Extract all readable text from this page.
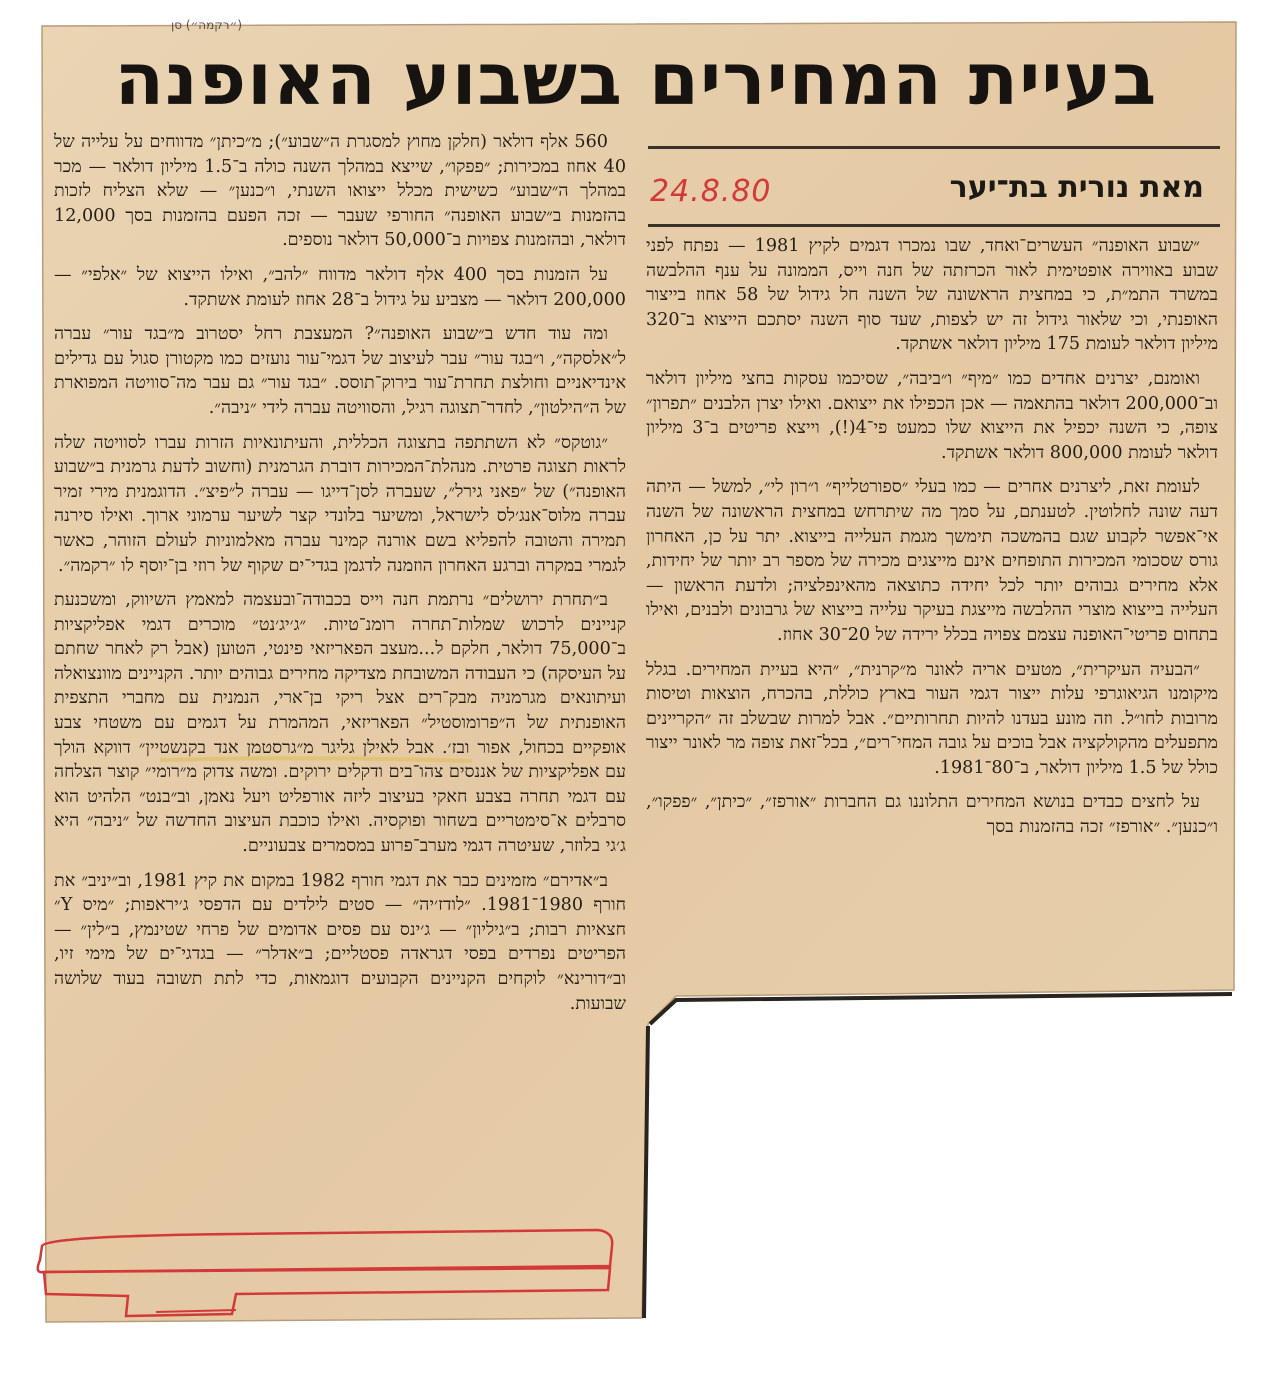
(״רקמה״) סן
בעיית המחירים בשבוע האופנה
מאת נורית בת־יער
24.8.80

״שבוע האופנה״ העשרים־ואחד, שבו נמכרו דגמים לקיץ 1981 — נפתח לפני שבוע באווירה אופטימית לאור הכרזתה של חנה וייס, הממונה על ענף ההלבשה במשרד התמ״ת, כי במחצית הראשונה של השנה חל גידול של 58 אחוז בייצור האופנתי, וכי שלאור גידול זה יש לצפות, שעד סוף השנה יסתכם הייצוא ב־320 מיליון דולאר לעומת 175 מיליון דולאר אשתקד.

ואומנם, יצרנים אחדים כמו ״מיף״ ו״ביבה״, שסיכמו עסקות בחצי מיליון דולאר וב־200,000 דולאר בהתאמה — אכן הכפילו את ייצואם. ואילו יצרן הלבנים ״תפרון״ צופה, כי השנה יכפיל את הייצוא שלו כמעט פי־4(!), וייצא פריטים ב־3 מיליון דולאר לעומת 800,000 דולאר אשתקד.

לעומת זאת, ליצרנים אחרים — כמו בעלי ״ספורטלייף״ ו״רון לי״, למשל — היתה דעה שונה לחלוטין. לטענתם, על סמך מה שיתרחש במחצית הראשונה של השנה אי־אפשר לקבוע שגם בהמשכה תימשך מגמת העלייה בייצוא. יתר על כן, האחרון גורס שסכומי המכירות התופחים אינם מייצגים מכירה של מספר רב יותר של יחידות, אלא מחירים גבוהים יותר לכל יחידה כתוצאה מהאינפלציה; ולדעת הראשון — העלייה בייצוא מוצרי ההלבשה מייצגת בעיקר עלייה בייצוא של גרבונים ולבנים, ואילו בתחום פריטי־האופנה עצמם צפויה בכלל ירידה של 20־30 אחוז.

״הבעיה העיקרית״, מטעים אריה לאונר מ״קרנית״, ״היא בעיית המחירים. בגלל מיקומנו הגיאוגרפי עלות ייצור דגמי העור בארץ כוללת, בהכרח, הוצאות וטיסות מרובות לחו״ל. וזה מונע בעדנו להיות תחרותיים״. אבל למרות שבשלב זה ״הקריינים מתפעלים מהקולקציה אבל בוכים על גובה המחי־רים״, בכל־זאת צופה מר לאונר ייצור כולל של 1.5 מיליון דולאר, ב־80־1981.

על לחצים כבדים בנושא המחירים התלוננו גם החברות ״אורפז״, ״כיתן״, ״פפקו״, ו״כנען״. ״אורפז״ זכה בהזמנות בסך

560 אלף דולאר (חלקן מחוץ למסגרת ה״שבוע״); מ״כיתן״ מדווחים על עלייה של 40 אחוז במכירות; ״פפקו״, שייצא במהלך השנה כולה ב־1.5 מיליון דולאר — מכר במהלך ה״שבוע״ כשישית מכלל ייצואו השנתי, ו״כנען״ — שלא הצליח לזכות בהזמנות ב״שבוע האופנה״ החורפי שעבר — זכה הפעם בהזמנות בסך 12,000 דולאר, ובהזמנות צפויות ב־50,000 דולאר נוספים.

על הזמנות בסך 400 אלף דולאר מדווח ״להב״, ואילו הייצוא של ״אלפי״ — 200,000 דולאר — מצביע על גידול ב־28 אחוז לעומת אשתקד.

ומה עוד חדש ב״שבוע האופנה״? המעצבת רחל יסטרוב מ״בגד עור״ עברה ל״אלסקה״, ו״בגד עור״ עבר לעיצוב של דגמי־עור נועזים כמו מקטורן סגול עם גדילים אינדיאניים וחולצת תחרת־עור בירוק־תוסס. ״בגד עור״ גם עבר מה־סוויטה המפוארת של ה״הילטון״, לחדר־תצוגה רגיל, והסוויטה עברה לידי ״ניבה״.

״גוטקס״ לא השתתפה בתצוגה הכללית, והעיתונאיות הזרות עברו לסוויטה שלה לראות תצוגה פרטית. מנהלת־המכירות דוברת הגרמנית (וחשוב לדעת גרמנית ב״שבוע האופנה״) של ״פאני גירל״, שעברה לסן־דייגו — עברה ל״פיצ״. הדוגמנית מירי זמיר עברה מלוס־אנג׳לס לישראל, ומשיער בלונדי קצר לשיער ערמוני ארוך. ואילו סירנה תמירה והטובה להפליא בשם אורנה קמינר עברה מאלמוניות לעולם הזוהר, כאשר לגמרי במקרה וברגע האחרון הוזמנה לדגמן בגדי־ים שקוף של רוזי בן־יוסף לו ״רקמה״.

ב״תחרת ירושלים״ נרתמת חנה וייס בכבודה־ובעצמה למאמץ השיווק, ומשכנעת קניינים לרכוש שמלות־תחרה רומנ־טיות. ״ג׳יג׳נט״ מוכרים דגמי אפליקציות ב־75,000 דולאר, חלקם ל...מעצב הפאריזאי פינטי, הטוען (אבל רק לאחר שחתם על העיסקה) כי העבודה המשובחת מצדיקה מחירים גבוהים יותר. הקניינים מוונצואלה ועיתונאים מגרמניה מבק־רים אצל ריקי בן־ארי, הנמנית עם מחברי התצפית האופנתית של ה״פרומוסטיל״ הפאריזאי, המהמרת על דגמים עם משטחי צבע אופקיים בכחול, אפור ובז׳. אבל לאילן גליגר מ״גרסטמן אנד בקנשטיין״ דווקא הולך עם אפליקציות של אננסים צהו־בים ודקלים ירוקים. ומשה צדוק מ״רומי״ קוצר הצלחה עם דגמי תחרה בצבע חאקי בעיצוב ליזה אורפליט ויעל נאמן, וב״בנט״ הלהיט הוא סרבלים א־סימטריים בשחור ופוקסיה. ואילו כוכבת העיצוב החדשה של ״ניבה״ היא ג׳גי בלוזר, שעיטרה דגמי מערב־פרוע במסמרים צבעוניים.

ב״אדירם״ מזמינים כבר את דגמי חורף 1982 במקום את קיץ 1981, וב״יניב״ את חורף 1980־1981. ״לודז׳יה״ — סטים לילדים עם הדפסי ג׳יראפות; ״מיס Y״ חצאיות רבות; ב״גיליון״ — ג׳ינס עם פסים אדומים של פרחי שטינמץ, ב״לין״ — הפריטים נפרדים בפסי דגראדה פסטליים; ב״אדלר״ — בגדגי־ים של מימי זיו, וב״דורינא״ לוקחים הקניינים הקבועים דוגמאות, כדי לתת תשובה בעוד שלושה שבועות.
